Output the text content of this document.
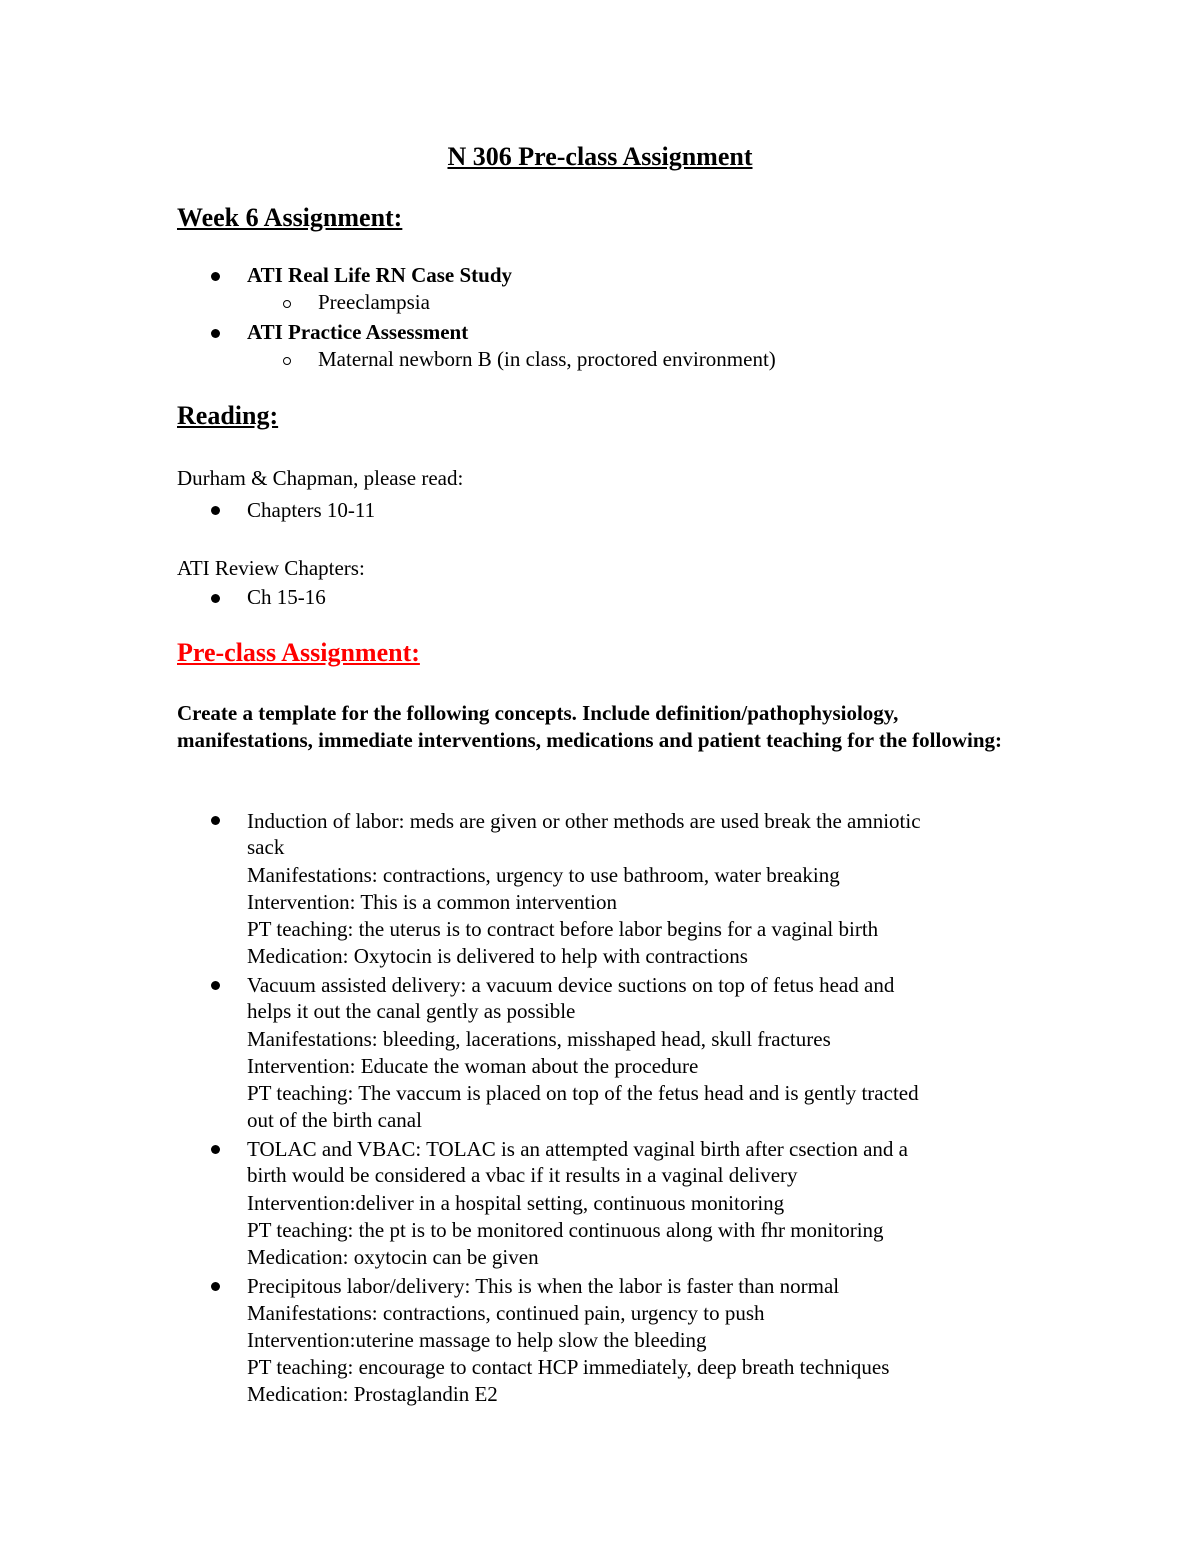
N 306 Pre-class Assignment
Week 6 Assignment:
ATI Real Life RN Case Study
Preeclampsia
ATI Practice Assessment
Maternal newborn B (in class, proctored environment)
Reading:
Durham & Chapman, please read:
Chapters 10-11
ATI Review Chapters:
Ch 15-16
Pre-class Assignment:
Create a template for the following concepts. Include definition/pathophysiology, manifestations, immediate interventions, medications and patient teaching for the following:
Induction of labor: meds are given or other methods are used break the amniotic
sack
Manifestations: contractions, urgency to use bathroom, water breaking
Intervention: This is a common intervention
PT teaching: the uterus is to contract before labor begins for a vaginal birth
Medication: Oxytocin is delivered to help with contractions
Vacuum assisted delivery: a vacuum device suctions on top of fetus head and
helps it out the canal gently as possible
Manifestations: bleeding, lacerations, misshaped head, skull fractures
Intervention: Educate the woman about the procedure
PT teaching: The vaccum is placed on top of the fetus head and is gently tracted
out of the birth canal
TOLAC and VBAC: TOLAC is an attempted vaginal birth after csection and a
birth would be considered a vbac if it results in a vaginal delivery
Intervention:deliver in a hospital setting, continuous monitoring
PT teaching: the pt is to be monitored continuous along with fhr monitoring
Medication: oxytocin can be given
Precipitous labor/delivery: This is when the labor is faster than normal
Manifestations: contractions, continued pain, urgency to push
Intervention:uterine massage to help slow the bleeding
PT teaching: encourage to contact HCP immediately, deep breath techniques
Medication: Prostaglandin E2
